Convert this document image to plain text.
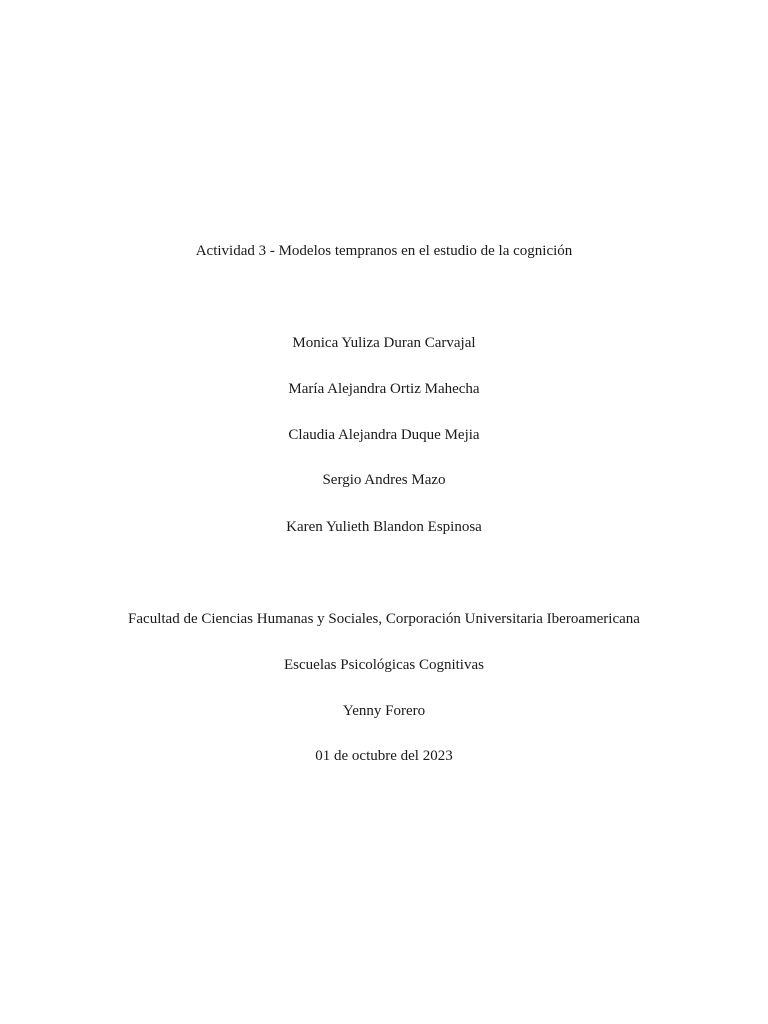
Actividad 3 - Modelos tempranos en el estudio de la cognición
Monica Yuliza Duran Carvajal
María Alejandra Ortiz Mahecha
Claudia Alejandra Duque Mejia
Sergio Andres Mazo
Karen Yulieth Blandon Espinosa
Facultad de Ciencias Humanas y Sociales, Corporación Universitaria Iberoamericana
Escuelas Psicológicas Cognitivas
Yenny Forero
01 de octubre del 2023
